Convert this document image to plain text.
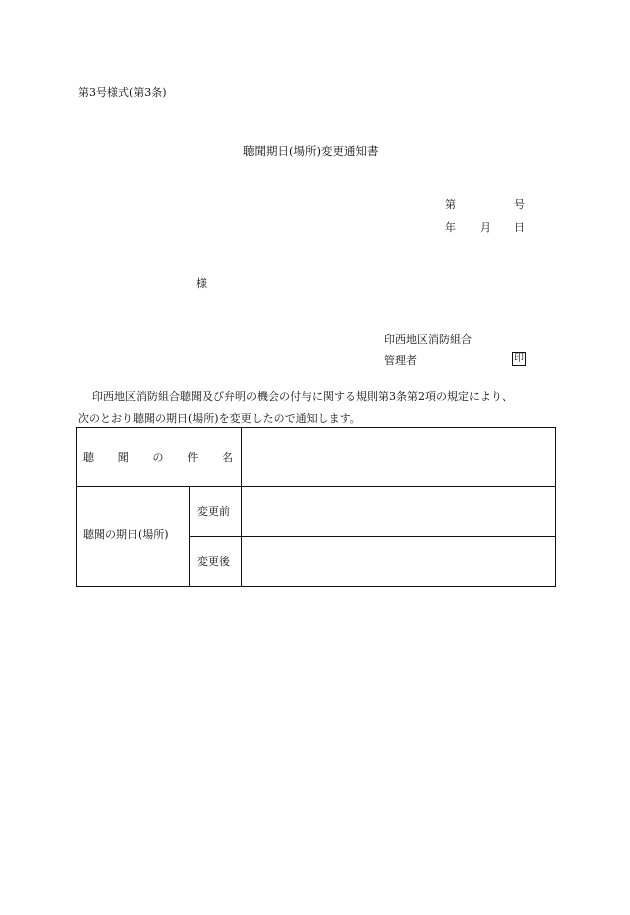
第3号様式(第3条)
聴聞期日(場所)変更通知書
第	号
年 月 日
様
印西地区消防組合
管理者	印
印西地区消防組合聴聞及び弁明の機会の付与に関する規則第3条第2項の規定により、
次のとおり聴聞の期日(場所)を変更したので通知します。
聴 聞 の 件 名
聴聞の期日(場所)
変更前
変更後
